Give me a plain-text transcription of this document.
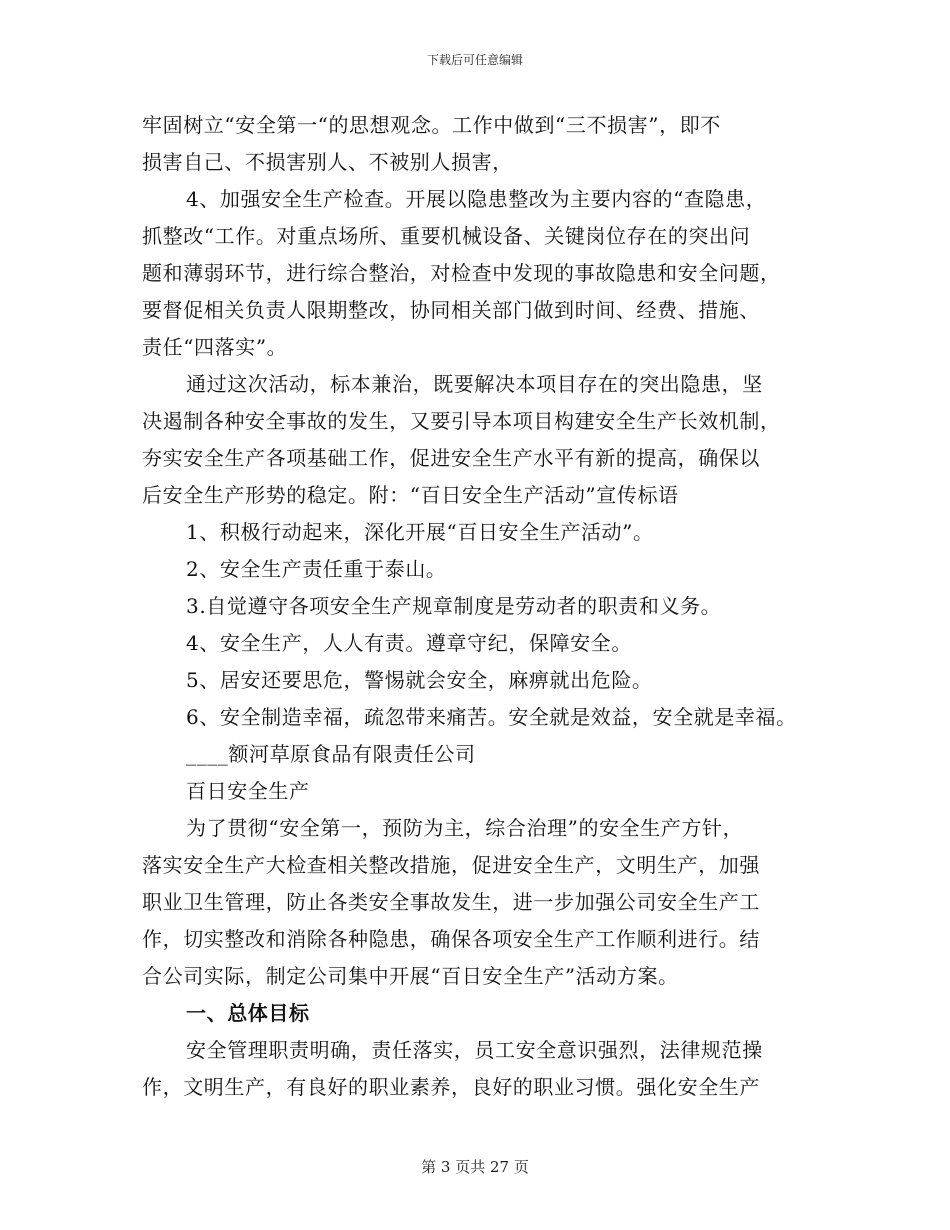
下载后可任意编辑
牢固树立“安全第一“的思想观念。工作中做到“三不损害”，即不
损害自己、不损害别人、不被别人损害，
4、加强安全生产检查。开展以隐患整改为主要内容的“查隐患，
抓整改“工作。对重点场所、重要机械设备、关键岗位存在的突出问
题和薄弱环节，进行综合整治，对检查中发现的事故隐患和安全问题，
要督促相关负责人限期整改，协同相关部门做到时间、经费、措施、
责任“四落实”。
通过这次活动，标本兼治，既要解决本项目存在的突出隐患，坚
决遏制各种安全事故的发生，又要引导本项目构建安全生产长效机制，
夯实安全生产各项基础工作，促进安全生产水平有新的提高，确保以
后安全生产形势的稳定。附：“百日安全生产活动”宣传标语
1、积极行动起来，深化开展“百日安全生产活动”。
2、安全生产责任重于泰山。
3.自觉遵守各项安全生产规章制度是劳动者的职责和义务。
4、安全生产，人人有责。遵章守纪，保障安全。
5、居安还要思危，警惕就会安全，麻痹就出危险。
6、安全制造幸福，疏忽带来痛苦。安全就是效益，安全就是幸福。
____额河草原食品有限责任公司
百日安全生产
为了贯彻“安全第一，预防为主，综合治理”的安全生产方针，
落实安全生产大检查相关整改措施，促进安全生产，文明生产，加强
职业卫生管理，防止各类安全事故发生，进一步加强公司安全生产工
作，切实整改和消除各种隐患，确保各项安全生产工作顺利进行。结
合公司实际，制定公司集中开展“百日安全生产”活动方案。
一、总体目标
安全管理职责明确，责任落实，员工安全意识强烈，法律规范操
作，文明生产，有良好的职业素养，良好的职业习惯。强化安全生产
第 3 页共 27 页
